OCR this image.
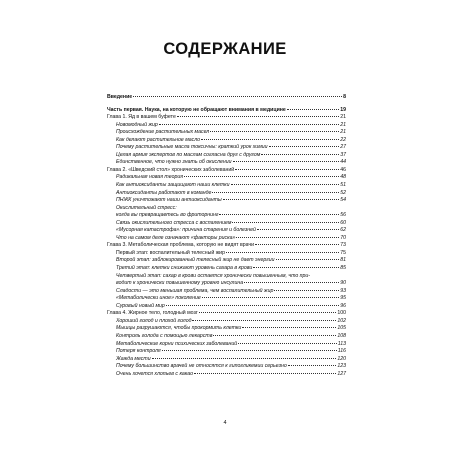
СОДЕРЖАНИЕ
Введение	8
Часть первая. Наука, на которую не обращают внимания в медицине	19
Глава 1. Яд в вашем буфете	21
Новомодный жир	21
Происхождение растительных масел	21
Как делают растительное масло	22
Почему растительные масла токсичны: краткий урок химии	27
Целая армия экспертов по маслам согласна друг с другом	37
Единственное, что нужно знать об окислении	44
Глава 2. «Шведский стол» хронических заболеваний	46
Радикальная новая теория	48
Как антиоксиданты защищают наши клетки	51
Антиоксиданты работают в команде	52
ПНЖК уничтожают наши антиоксиданты	54
Окислительный стресс:
когда вы превращаетесь во фриторнинг	56
Связь окислительного стресса с воспалением	60
«Мусорная катастрофа»: причина старения и болезней	62
Что на самом деле означают «факторы риска»	70
Глава 3. Метаболическая проблема, которую не видят врачи	73
Первый этап: воспалительный телесный жир	75
Второй этап: заблокированный телесный жир не дает энергии	81
Третий этап: клетки снижают уровень сахара в крови	85
Четвертый этап: сахар в крови остается хронически повышенным, что при-
водит к хронически повышенному уровню инсулина	90
Сладости — это меньшая проблема, чем воспалительный жир	93
«Метаболически иное» поколение	95
Суровый новый мир	96
Глава 4. Жирное тело, голодный мозг	100
Хороший голод и плохой голод	102
Мышцы разрушаются, чтобы прокормить клетки	105
Контроль голода с помощью лекарств	108
Метаболические корни психических заболеваний	113
Потеря контроля	116
Жажда мести	120
Почему большинство врачей не относятся к гипогликемии серьезно	123
Очень хочется хлопьев с какао	127
4
